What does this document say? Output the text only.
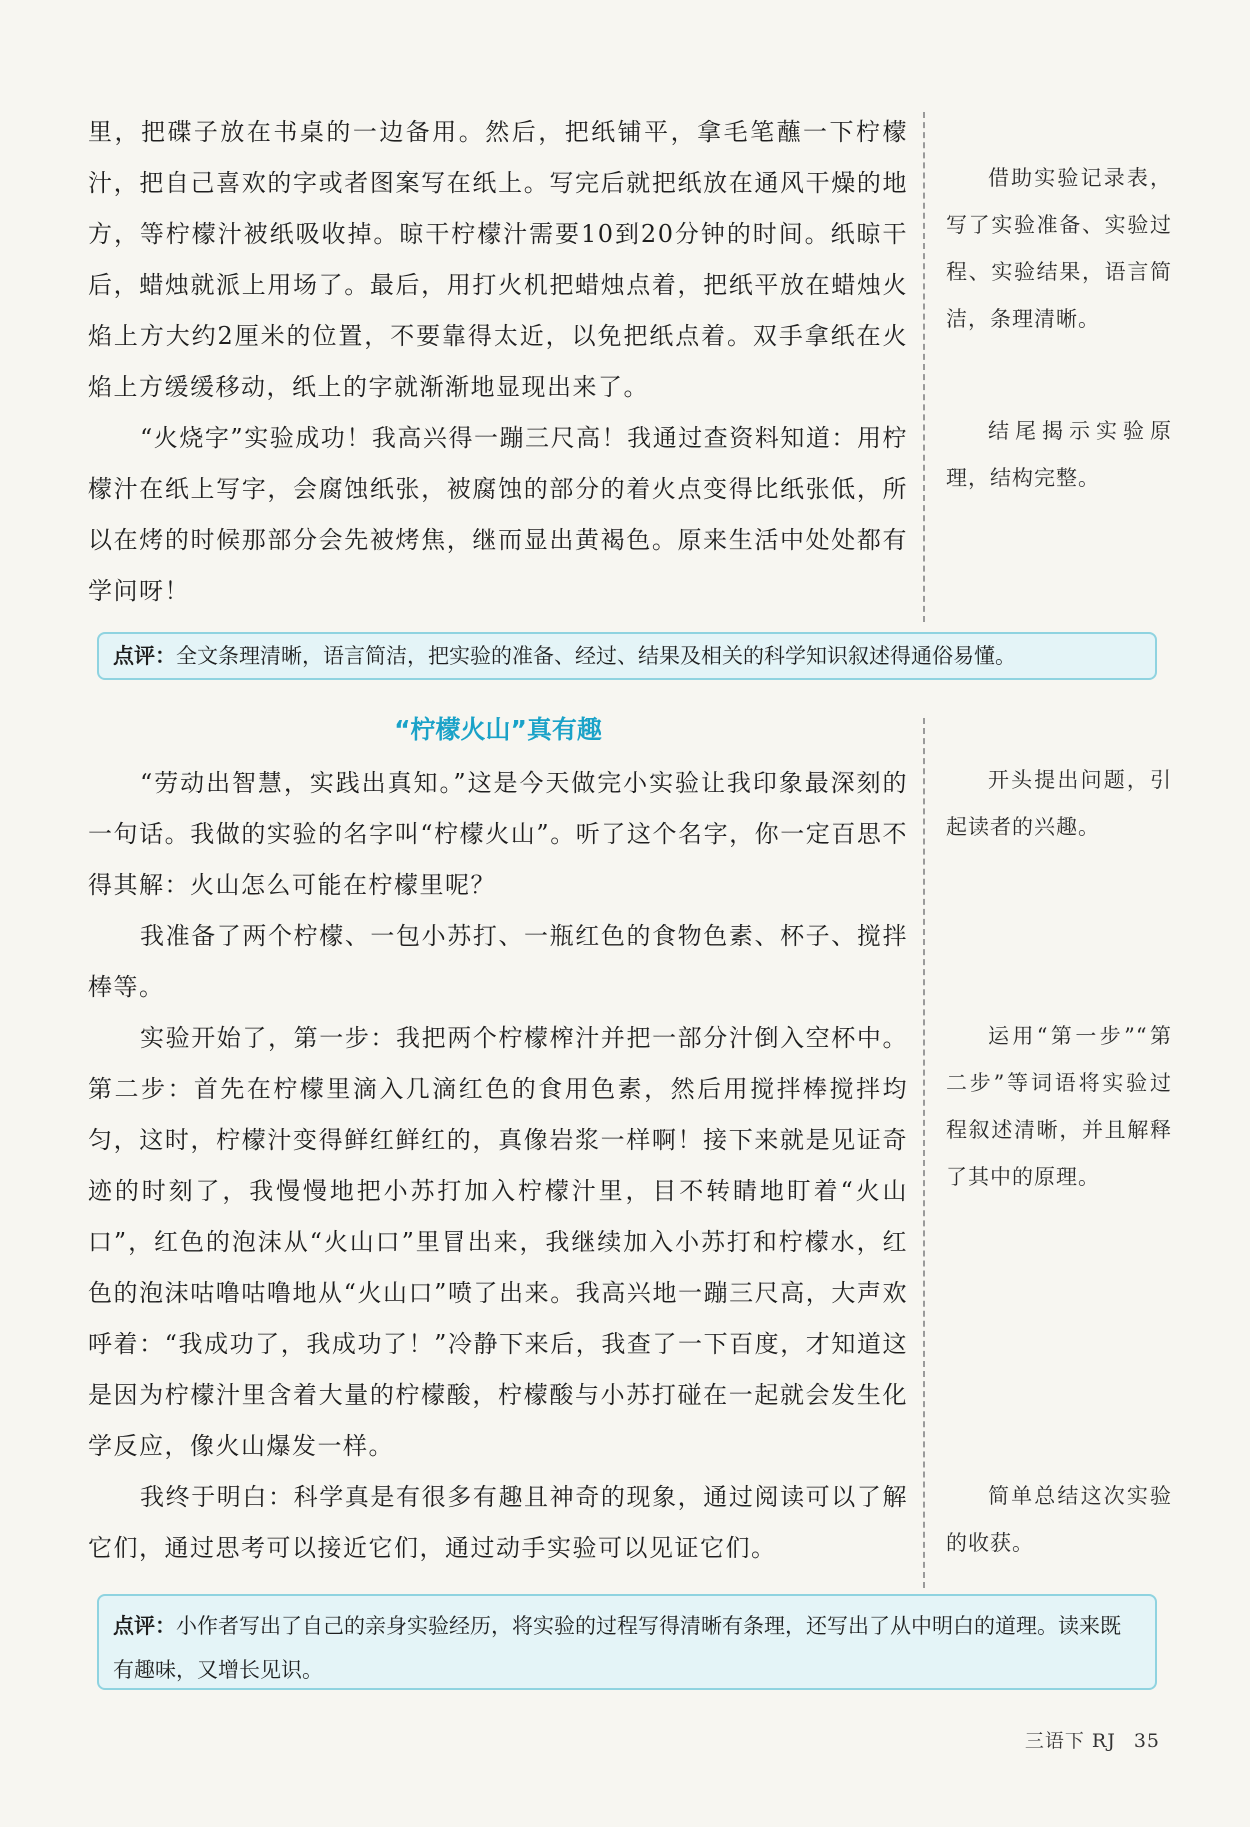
里，把碟子放在书桌的一边备用。然后，把纸铺平，拿毛笔蘸一下柠檬汁，把自己喜欢的字或者图案写在纸上。写完后就把纸放在通风干燥的地方，等柠檬汁被纸吸收掉。晾干柠檬汁需要10到20分钟的时间。纸晾干后，蜡烛就派上用场了。最后，用打火机把蜡烛点着，把纸平放在蜡烛火焰上方大约2厘米的位置，不要靠得太近，以免把纸点着。双手拿纸在火焰上方缓缓移动，纸上的字就渐渐地显现出来了。

“火烧字”实验成功！我高兴得一蹦三尺高！我通过查资料知道：用柠檬汁在纸上写字，会腐蚀纸张，被腐蚀的部分的着火点变得比纸张低，所以在烤的时候那部分会先被烤焦，继而显出黄褐色。原来生活中处处都有学问呀！

借助实验记录表，写了实验准备、实验过程、实验结果，语言简洁，条理清晰。

结尾揭示实验原理，结构完整。

点评：全文条理清晰，语言简洁，把实验的准备、经过、结果及相关的科学知识叙述得通俗易懂。
“柠檬火山”真有趣

“劳动出智慧，实践出真知。”这是今天做完小实验让我印象最深刻的一句话。我做的实验的名字叫“柠檬火山”。听了这个名字，你一定百思不得其解：火山怎么可能在柠檬里呢？

我准备了两个柠檬、一包小苏打、一瓶红色的食物色素、杯子、搅拌棒等。

实验开始了，第一步：我把两个柠檬榨汁并把一部分汁倒入空杯中。第二步：首先在柠檬里滴入几滴红色的食用色素，然后用搅拌棒搅拌均匀，这时，柠檬汁变得鲜红鲜红的，真像岩浆一样啊！接下来就是见证奇迹的时刻了，我慢慢地把小苏打加入柠檬汁里，目不转睛地盯着“火山口”，红色的泡沫从“火山口”里冒出来，我继续加入小苏打和柠檬水，红色的泡沫咕噜咕噜地从“火山口”喷了出来。我高兴地一蹦三尺高，大声欢呼着：“我成功了，我成功了！”冷静下来后，我查了一下百度，才知道这是因为柠檬汁里含着大量的柠檬酸，柠檬酸与小苏打碰在一起就会发生化学反应，像火山爆发一样。

我终于明白：科学真是有很多有趣且神奇的现象，通过阅读可以了解它们，通过思考可以接近它们，通过动手实验可以见证它们。

开头提出问题，引起读者的兴趣。

运用“第一步”“第二步”等词语将实验过程叙述清晰，并且解释了其中的原理。

简单总结这次实验的收获。

点评：小作者写出了自己的亲身实验经历，将实验的过程写得清晰有条理，还写出了从中明白的道理。读来既有趣味，又增长见识。
三语下 RJ 35
